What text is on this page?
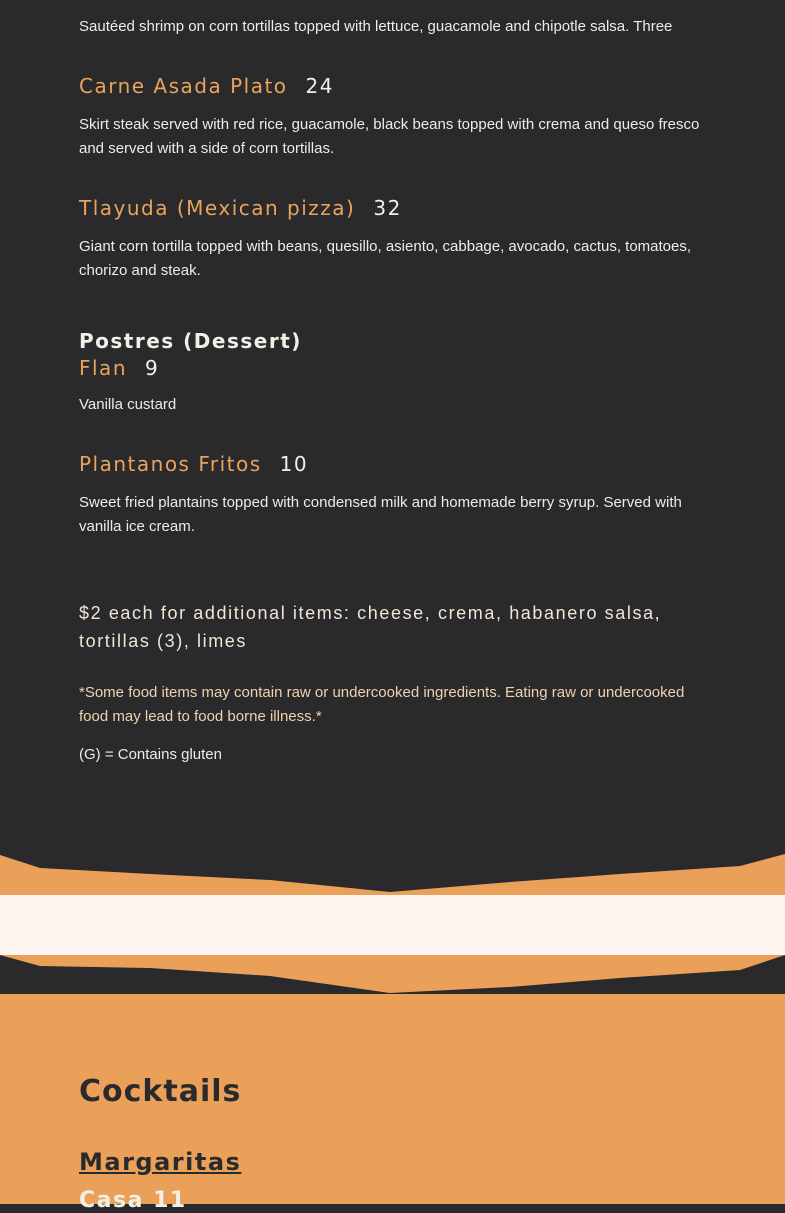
Sautéed shrimp on corn tortillas topped with lettuce, guacamole and chipotle salsa. Three

Carne Asada Plato 24

Skirt steak served with red rice, guacamole, black beans topped with crema and queso fresco and served with a side of corn tortillas.

Tlayuda (Mexican pizza) 32

Giant corn tortilla topped with beans, quesillo, asiento, cabbage, avocado, cactus, tomatoes, chorizo and steak.

Postres (Dessert)
Flan 9

Vanilla custard

Plantanos Fritos 10

Sweet fried plantains topped with condensed milk and homemade berry syrup. Served with vanilla ice cream.

$2 each for additional items: cheese, crema, habanero salsa, tortillas (3), limes

*Some food items may contain raw or undercooked ingredients. Eating raw or undercooked food may lead to food borne illness.*

(G) = Contains gluten

Cocktails
Margaritas
Casa 11
